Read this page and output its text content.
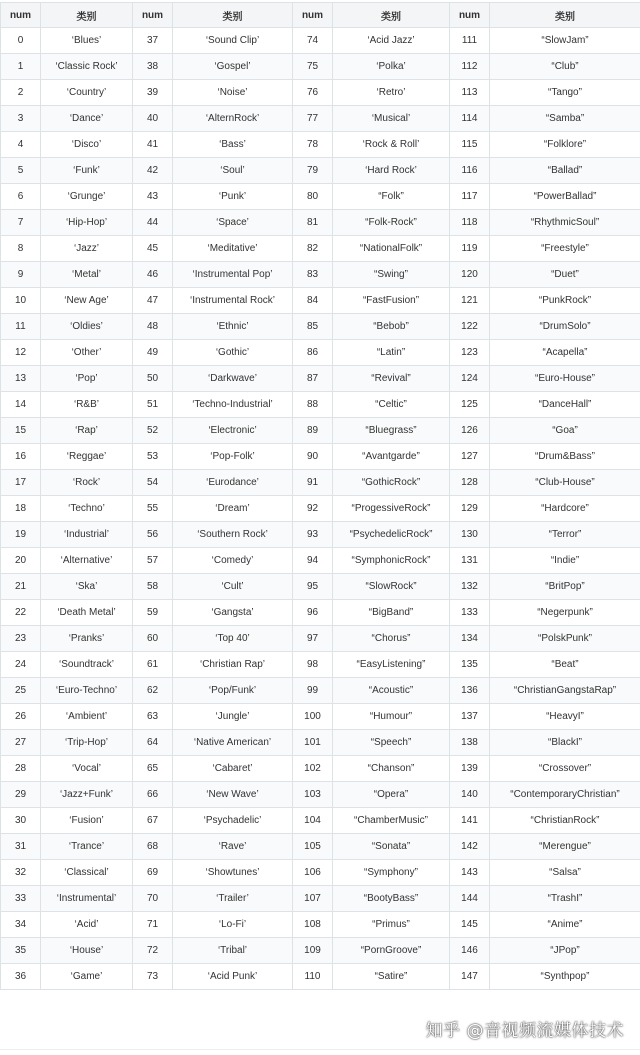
num	类别	num	类别	num	类别	num	类别
0	‘Blues’	37	‘Sound Clip’	74	‘Acid Jazz’	111	“SlowJam”
1	‘Classic Rock’	38	‘Gospel’	75	‘Polka’	112	“Club”
2	‘Country’	39	‘Noise’	76	‘Retro’	113	“Tango”
3	‘Dance’	40	‘AlternRock’	77	‘Musical’	114	“Samba”
4	‘Disco’	41	‘Bass’	78	‘Rock & Roll’	115	“Folklore”
5	‘Funk’	42	‘Soul’	79	‘Hard Rock’	116	“Ballad”
6	‘Grunge’	43	‘Punk’	80	“Folk”	117	“PowerBallad”
7	‘Hip-Hop’	44	‘Space’	81	“Folk-Rock”	118	“RhythmicSoul”
8	‘Jazz’	45	‘Meditative’	82	“NationalFolk”	119	“Freestyle”
9	‘Metal’	46	‘Instrumental Pop’	83	“Swing”	120	“Duet”
10	‘New Age’	47	‘Instrumental Rock’	84	“FastFusion”	121	“PunkRock”
11	‘Oldies’	48	‘Ethnic’	85	“Bebob”	122	“DrumSolo”
12	‘Other’	49	‘Gothic’	86	“Latin”	123	“Acapella”
13	‘Pop’	50	‘Darkwave’	87	“Revival”	124	“Euro-House”
14	‘R&B’	51	‘Techno-Industrial’	88	“Celtic”	125	“DanceHall”
15	‘Rap’	52	‘Electronic’	89	“Bluegrass”	126	“Goa”
16	‘Reggae’	53	‘Pop-Folk’	90	“Avantgarde”	127	“Drum&Bass”
17	‘Rock’	54	‘Eurodance’	91	“GothicRock”	128	“Club-House”
18	‘Techno’	55	‘Dream’	92	“ProgessiveRock”	129	“Hardcore”
19	‘Industrial’	56	‘Southern Rock’	93	“PsychedelicRock”	130	“Terror”
20	‘Alternative’	57	‘Comedy’	94	“SymphonicRock”	131	“Indie”
21	‘Ska’	58	‘Cult’	95	“SlowRock”	132	“BritPop”
22	‘Death Metal’	59	‘Gangsta’	96	“BigBand”	133	“Negerpunk”
23	‘Pranks’	60	‘Top 40’	97	“Chorus”	134	“PolskPunk”
24	‘Soundtrack’	61	‘Christian Rap’	98	“EasyListening”	135	“Beat”
25	‘Euro-Techno’	62	‘Pop/Funk’	99	“Acoustic”	136	“ChristianGangstaRap”
26	‘Ambient’	63	‘Jungle’	100	“Humour”	137	“HeavyI”
27	‘Trip-Hop’	64	‘Native American’	101	“Speech”	138	“BlackI”
28	‘Vocal’	65	‘Cabaret’	102	“Chanson”	139	“Crossover”
29	‘Jazz+Funk’	66	‘New Wave’	103	“Opera”	140	“ContemporaryChristian”
30	‘Fusion’	67	‘Psychadelic’	104	“ChamberMusic”	141	“ChristianRock”
31	‘Trance’	68	‘Rave’	105	“Sonata”	142	“Merengue”
32	‘Classical’	69	‘Showtunes’	106	“Symphony”	143	“Salsa”
33	‘Instrumental’	70	‘Trailer’	107	“BootyBass”	144	“TrashI”
34	‘Acid’	71	‘Lo-Fi’	108	“Primus”	145	“Anime”
35	‘House’	72	‘Tribal’	109	“PornGroove”	146	“JPop”
36	‘Game’	73	‘Acid Punk’	110	“Satire”	147	“Synthpop”
知乎 @音视频流媒体技术
